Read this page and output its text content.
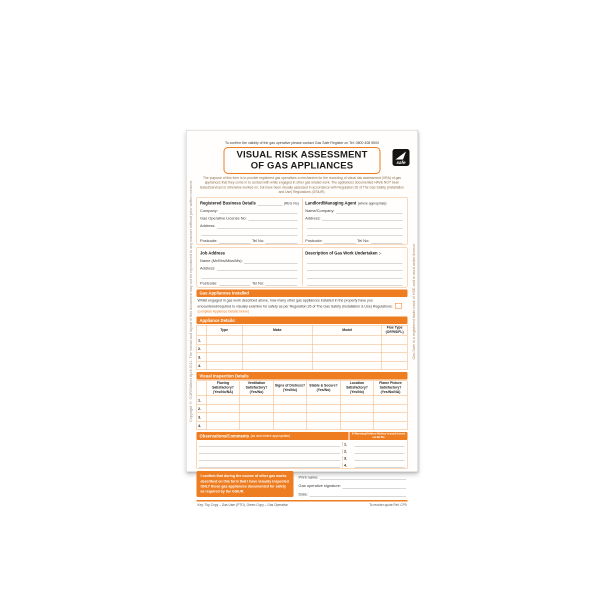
Copyright © CORGIdirect April 2011. The format and layout of this document may not be reproduced in any manner without prior written consent.	Gas Safe is a registered trade mark of HSE and is used under licence.
To confirm the validity of the gas operative please contact Gas Safe Register on Tel: 0800 408 5500
VISUAL RISK ASSESSMENT
OF GAS APPLIANCES	safe
The purpose of this form is to provide registered gas operatives a mechanism for the recording of visual risk assessment (VRA) of gas appliances that they come in to contact with while engaged in other gas related work. The appliances documented HAVE NOT been tested/serviced or otherwise worked on, but have been visually assessed in accordance with Regulation 26 of The Gas Safety (Installation and Use) Regulations (GSIUR).
Registered Business Details	(REG No)
Company:
Gas Operative License No:
Address:
Postcode:	Tel No:
Landlord/Managing Agent (where appropriate)
Name/Company:
Address:
Postcode:	Tel No:
Job Address
Name (Mr/Mrs/Miss/Ms):
Address:
Postcode:	Tel No:
Description of Gas Work Undertaken :-
Gas Appliances Installed
Whilst engaged in gas work described above, how many other gas appliances installed in the property have you encountered/required to visually examine for safety as per Regulation 26 of The Gas Safety (Installation & Use) Regulations:  (complete Appliance Details below)
Appliance Details:
	Type	Make	Model	Flue Type (OF/RS/FL)
1.				
2.				
3.				
4.				
Visual Inspection Details
	Flueing Satisfactory? (Yes/No/NA)	Ventilation Satisfactory? (Yes/No)	Signs of Distress? (Yes/No)	Stable & Secure? (Yes/No)	Location Satisfactory? (Yes/No)	Flame Picture Satisfactory? (Yes/No/NA)
1.						
2.						
3.						
4.						
Observations/Comments (as and where appropriate)
If Warning/Advice Notice issued insert serial No
1.
2.
3.
4.
I confirm that during the course of other gas works described on this form that I have visually inspected ONLY those gas appliances documented for safety as required by the GSIUR.
Print name:
Gas operative signature:
Date:
Key: Top Copy – Gas User (PTO), Green Copy – Gas Operative	To reorder quote Ref: CP9
